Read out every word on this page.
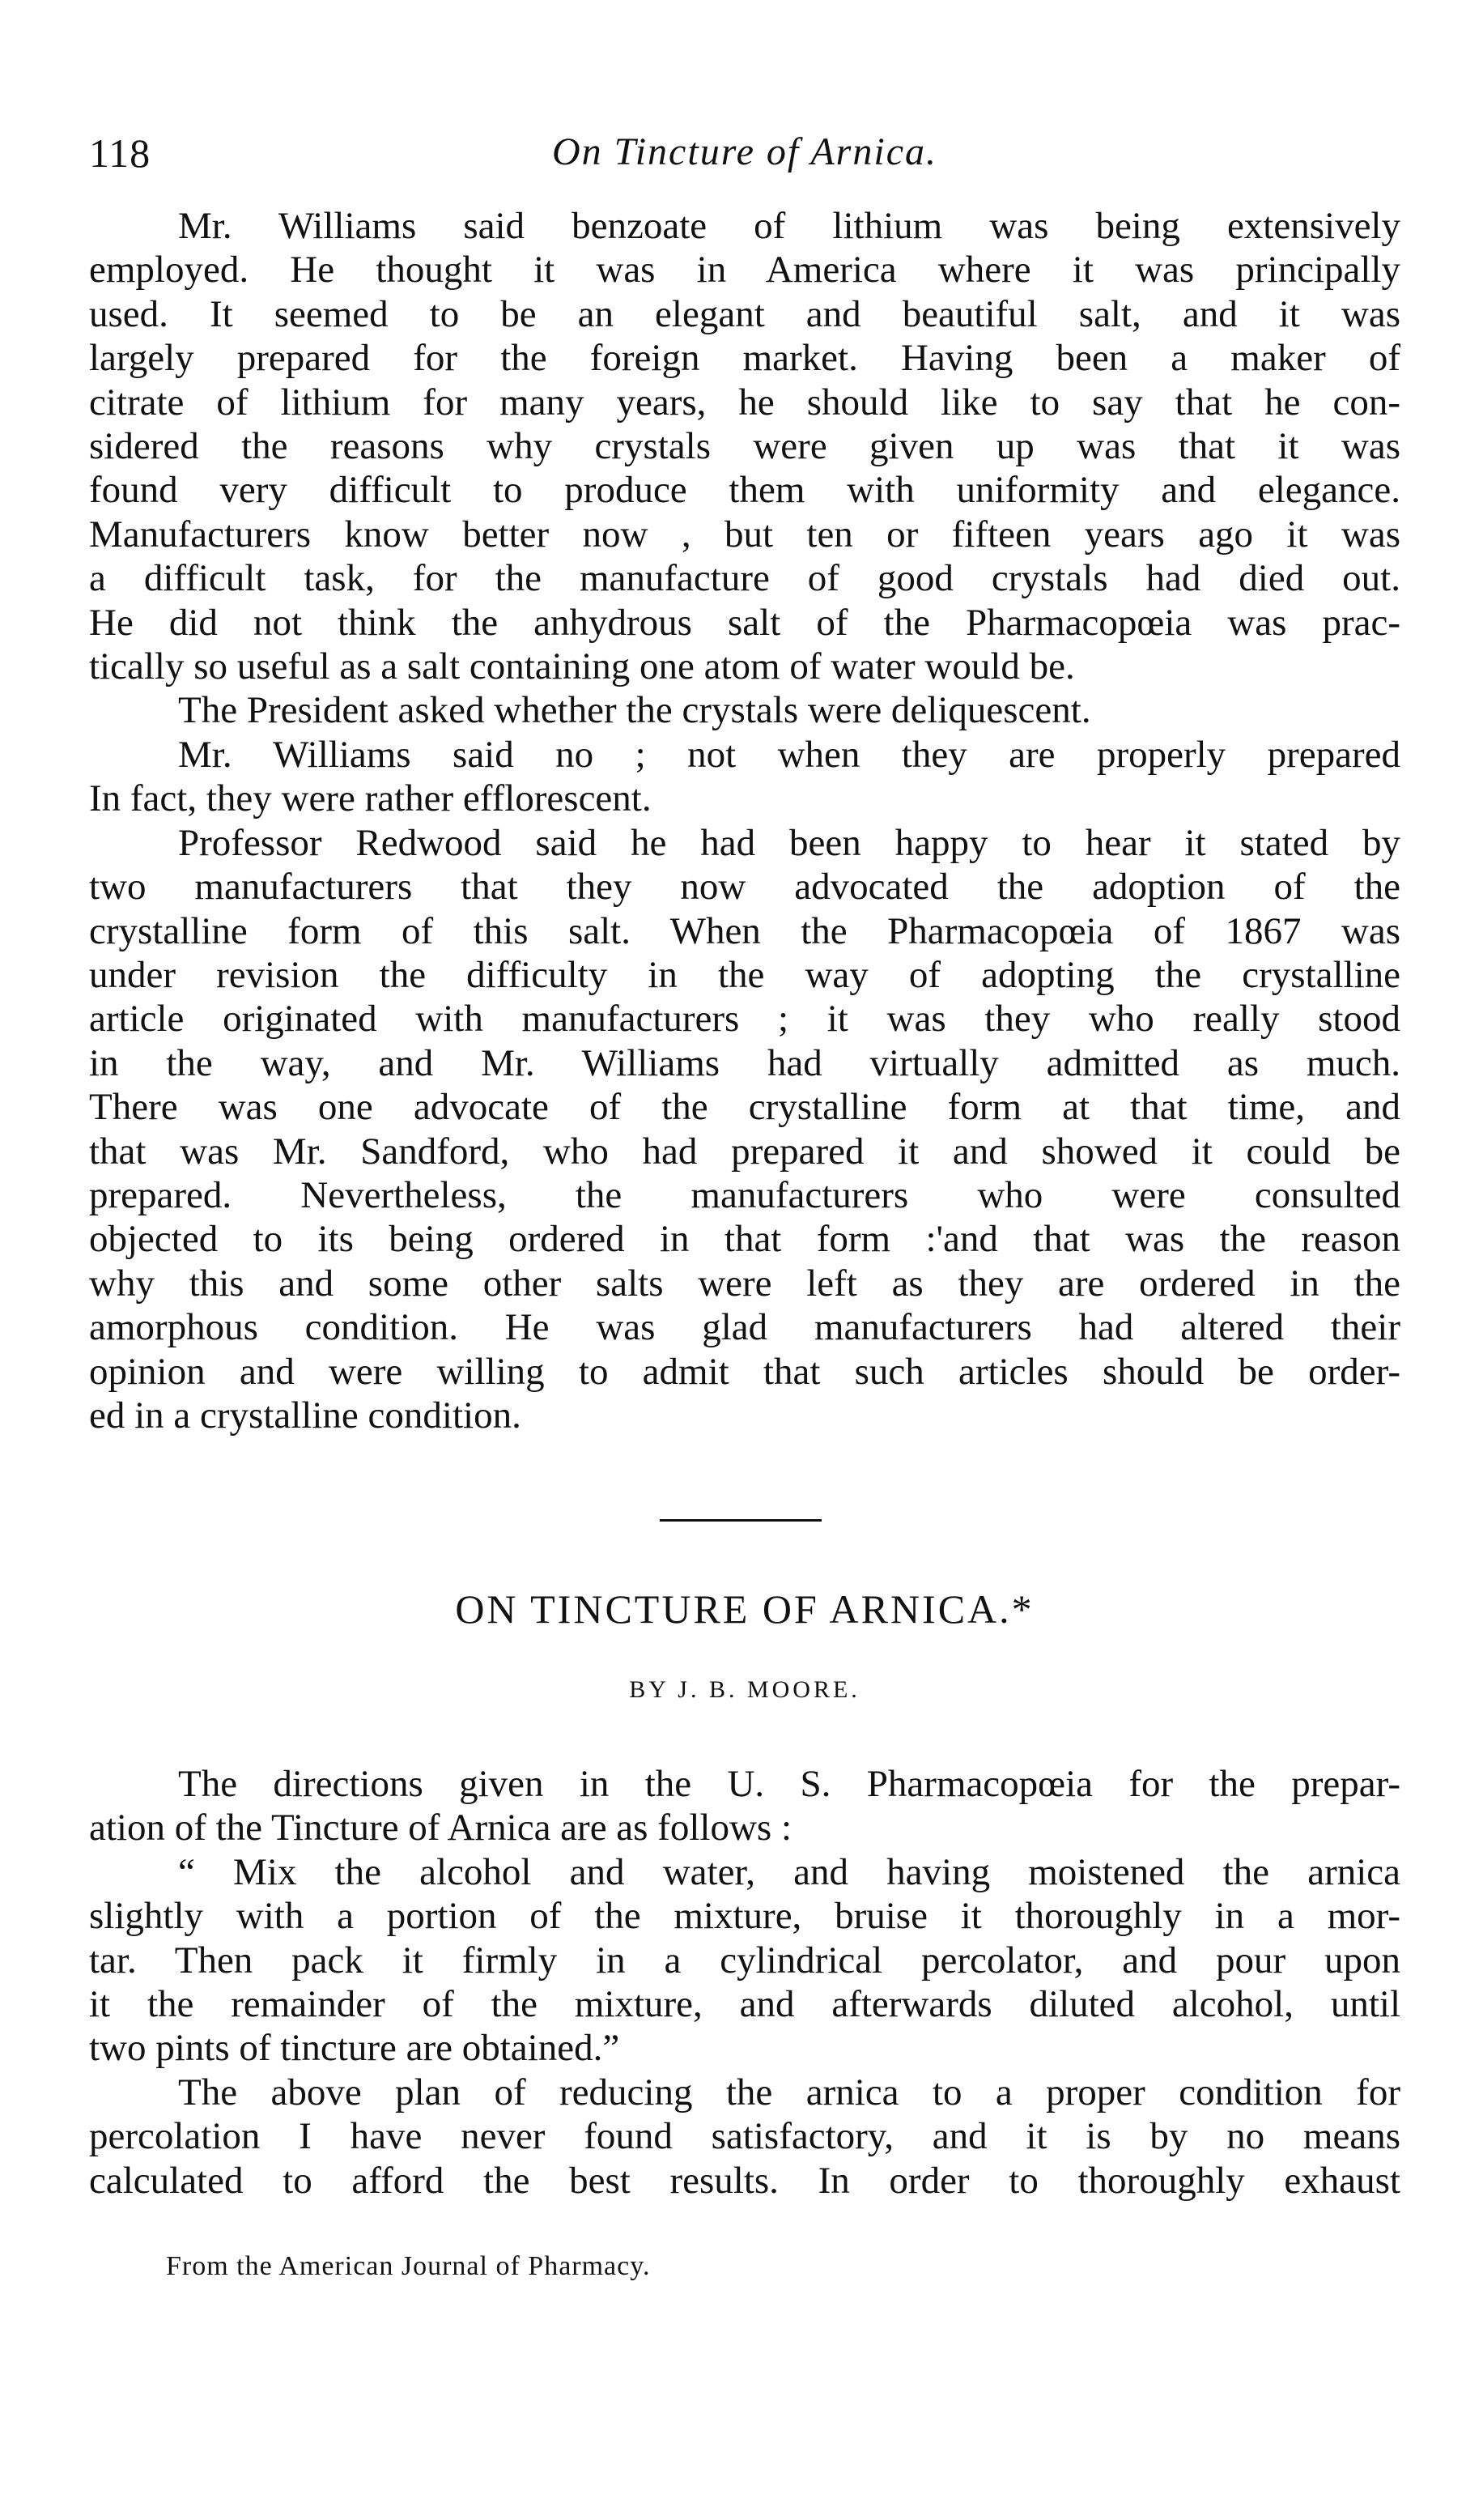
118	On Tincture of Arnica.

Mr. Williams said benzoate of lithium was being extensively
employed. He thought it was in America where it was principally
used. It seemed to be an elegant and beautiful salt, and it was
largely prepared for the foreign market. Having been a maker of
citrate of lithium for many years, he should like to say that he con-
sidered the reasons why crystals were given up was that it was
found very difficult to produce them with uniformity and elegance.
Manufacturers know better now , but ten or fifteen years ago it was
a difficult task, for the manufacture of good crystals had died out.
He did not think the anhydrous salt of the Pharmacopœia was prac-
tically so useful as a salt containing one atom of water would be.

The President asked whether the crystals were deliquescent.

Mr. Williams said no ; not when they are properly prepared
In fact, they were rather efflorescent.

Professor Redwood said he had been happy to hear it stated by
two manufacturers that they now advocated the adoption of the
crystalline form of this salt. When the Pharmacopœia of 1867 was
under revision the difficulty in the way of adopting the crystalline
article originated with manufacturers ; it was they who really stood
in the way, and Mr. Williams had virtually admitted as much.
There was one advocate of the crystalline form at that time, and
that was Mr. Sandford, who had prepared it and showed it could be
prepared. Nevertheless, the manufacturers who were consulted
objected to its being ordered in that form :'and that was the reason
why this and some other salts were left as they are ordered in the
amorphous condition. He was glad manufacturers had altered their
opinion and were willing to admit that such articles should be order-
ed in a crystalline condition.

ON TINCTURE OF ARNICA.*
BY J. B. MOORE.

The directions given in the U. S. Pharmacopœia for the prepar-
ation of the Tincture of Arnica are as follows :

“ Mix the alcohol and water, and having moistened the arnica
slightly with a portion of the mixture, bruise it thoroughly in a mor-
tar. Then pack it firmly in a cylindrical percolator, and pour upon
it the remainder of the mixture, and afterwards diluted alcohol, until
two pints of tincture are obtained.”

The above plan of reducing the arnica to a proper condition for
percolation I have never found satisfactory, and it is by no means
calculated to afford the best results. In order to thoroughly exhaust

From the American Journal of Pharmacy.
